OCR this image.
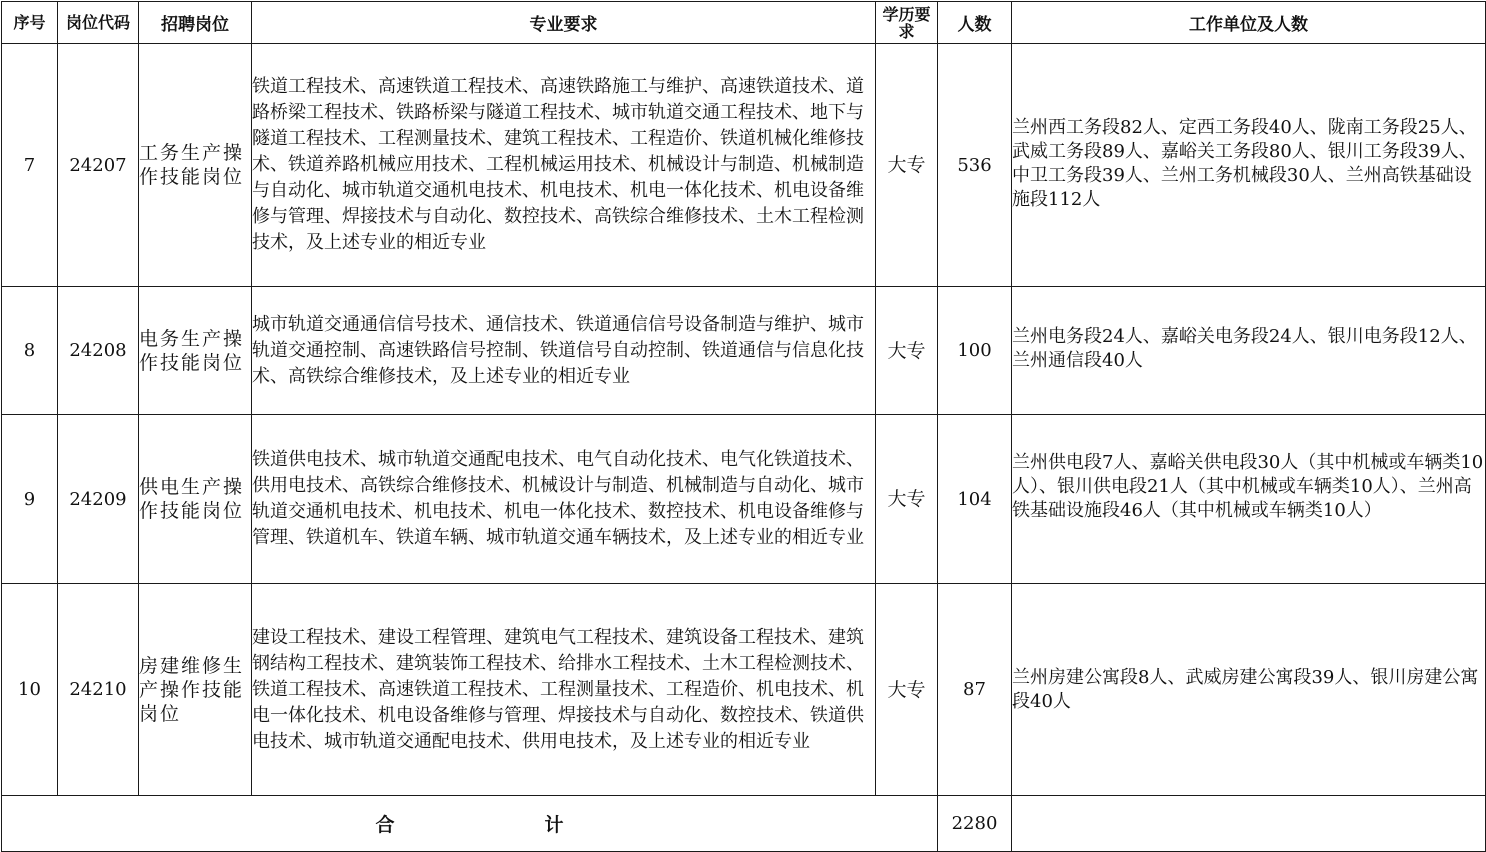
序号	岗位代码	招聘岗位	专业要求	学历要求	人数	工作单位及人数
7	24207	工务生产操作技能岗位	铁道工程技术、高速铁道工程技术、高速铁路施工与维护、高速铁道技术、道路桥梁工程技术、铁路桥梁与隧道工程技术、城市轨道交通工程技术、地下与隧道工程技术、工程测量技术、建筑工程技术、工程造价、铁道机械化维修技术、铁道养路机械应用技术、工程机械运用技术、机械设计与制造、机械制造与自动化、城市轨道交通机电技术、机电技术、机电一体化技术、机电设备维修与管理、焊接技术与自动化、数控技术、高铁综合维修技术、土木工程检测技术，及上述专业的相近专业	大专	536	兰州西工务段82人、定西工务段40人、陇南工务段25人、武威工务段89人、嘉峪关工务段80人、银川工务段39人、中卫工务段39人、兰州工务机械段30人、兰州高铁基础设施段112人
8	24208	电务生产操作技能岗位	城市轨道交通通信信号技术、通信技术、铁道通信信号设备制造与维护、城市轨道交通控制、高速铁路信号控制、铁道信号自动控制、铁道通信与信息化技术、高铁综合维修技术，及上述专业的相近专业	大专	100	兰州电务段24人、嘉峪关电务段24人、银川电务段12人、兰州通信段40人
9	24209	供电生产操作技能岗位	铁道供电技术、城市轨道交通配电技术、电气自动化技术、电气化铁道技术、供用电技术、高铁综合维修技术、机械设计与制造、机械制造与自动化、城市轨道交通机电技术、机电技术、机电一体化技术、数控技术、机电设备维修与管理、铁道机车、铁道车辆、城市轨道交通车辆技术，及上述专业的相近专业	大专	104	兰州供电段7人、嘉峪关供电段30人（其中机械或车辆类10人）、银川供电段21人（其中机械或车辆类10人）、兰州高铁基础设施段46人（其中机械或车辆类10人）
10	24210	房建维修生产操作技能岗位	建设工程技术、建设工程管理、建筑电气工程技术、建筑设备工程技术、建筑钢结构工程技术、建筑装饰工程技术、给排水工程技术、土木工程检测技术、铁道工程技术、高速铁道工程技术、工程测量技术、工程造价、机电技术、机电一体化技术、机电设备维修与管理、焊接技术与自动化、数控技术、铁道供电技术、城市轨道交通配电技术、供用电技术，及上述专业的相近专业	大专	87	兰州房建公寓段8人、武威房建公寓段39人、银川房建公寓段40人
合 计					2280	
